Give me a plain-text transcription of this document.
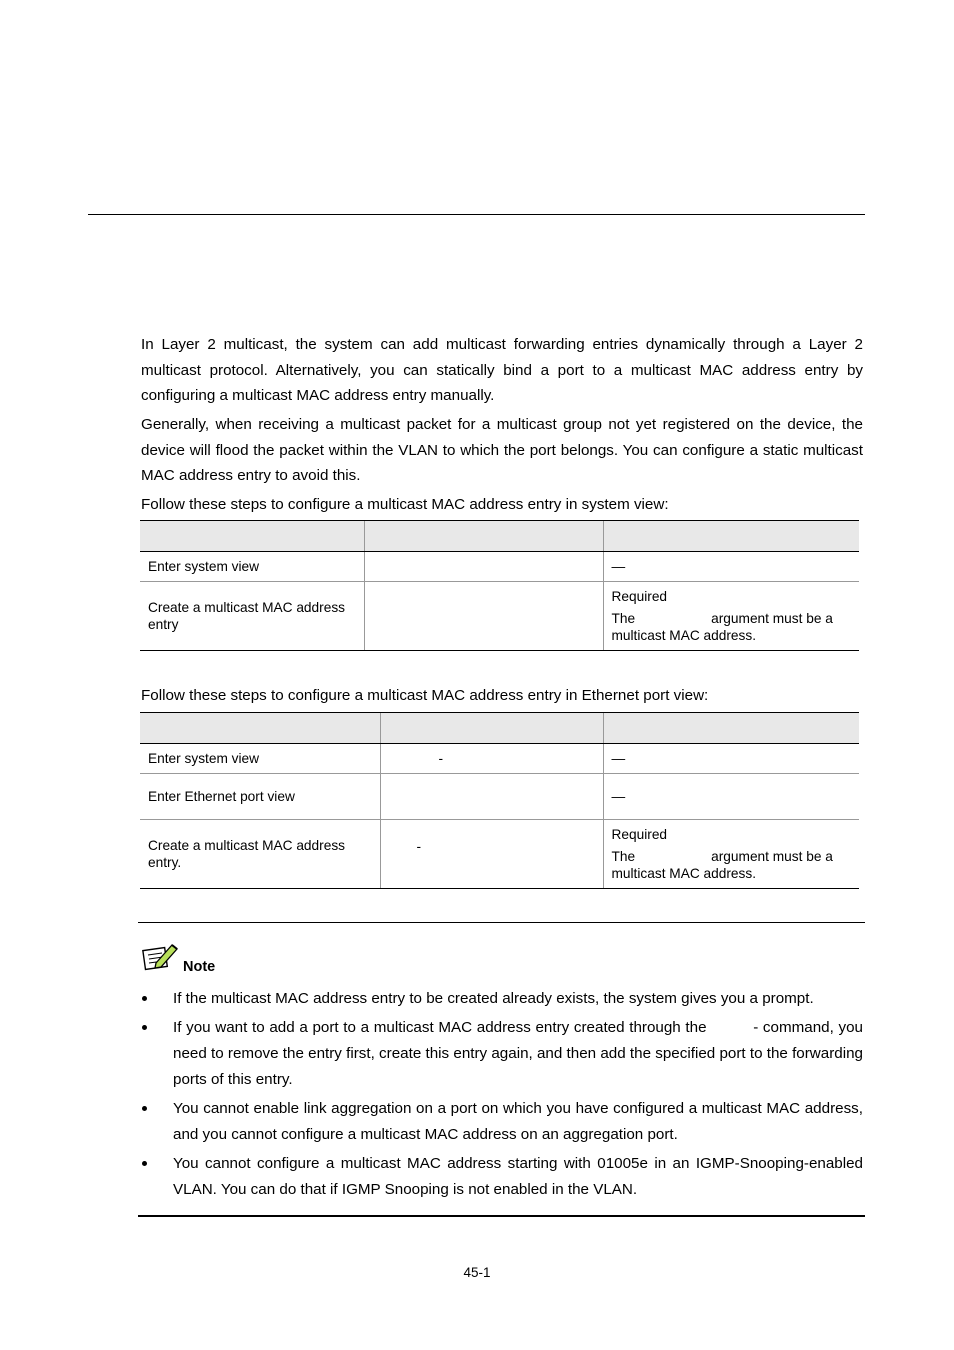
In Layer 2 multicast, the system can add multicast forwarding entries dynamically through a Layer 2 multicast protocol. Alternatively, you can statically bind a port to a multicast MAC address entry by configuring a multicast MAC address entry manually.

Generally, when receiving a multicast packet for a multicast group not yet registered on the device, the device will flood the packet within the VLAN to which the port belongs. You can configure a static multicast MAC address entry to avoid this.

Follow these steps to configure a multicast MAC address entry in system view:

Enter system view		—
Create a multicast MAC address entry		Required
The                    argument must be a multicast MAC address.

Follow these steps to configure a multicast MAC address entry in Ethernet port view:

Enter system view	-	—
Enter Ethernet port view		—
Create a multicast MAC address entry.	-	Required
The                    argument must be a multicast MAC address.
Note
If the multicast MAC address entry to be created already exists, the system gives you a prompt.
If you want to add a port to a multicast MAC address entry created through the          - command, you need to remove the entry first, create this entry again, and then add the specified port to the forwarding ports of this entry.
You cannot enable link aggregation on a port on which you have configured a multicast MAC address, and you cannot configure a multicast MAC address on an aggregation port.
You cannot configure a multicast MAC address starting with 01005e in an IGMP-Snooping-enabled VLAN. You can do that if IGMP Snooping is not enabled in the VLAN.
45-1
